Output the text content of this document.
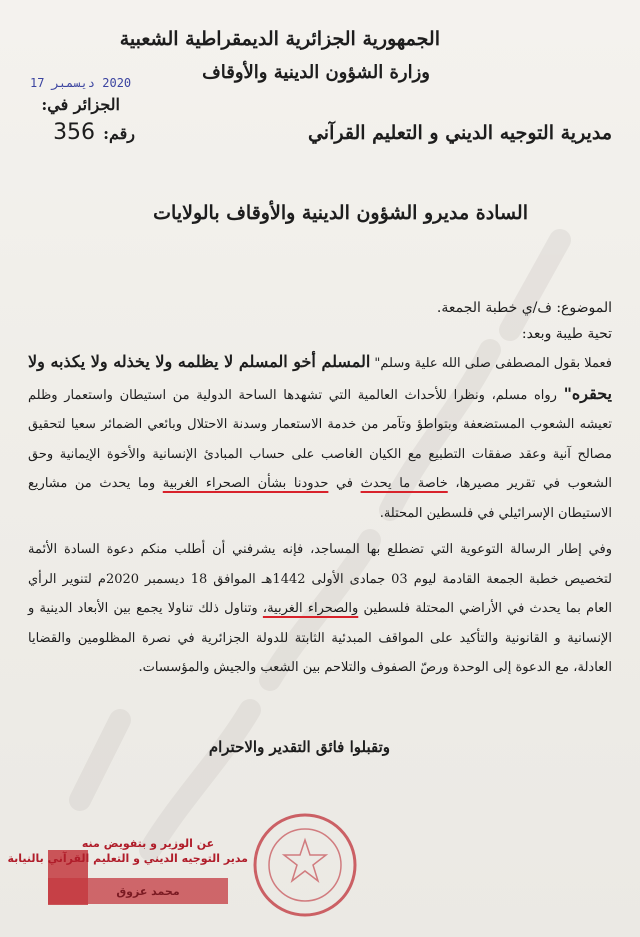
الجمهورية الجزائرية الديمقراطية الشعبية
وزارة الشؤون الدينية والأوقاف
2020 ديسمبر 17
الجزائر في:
رقم:356	مديرية التوجيه الديني و التعليم القرآني
السادة مديرو الشؤون الدينية والأوقاف بالولايات
الموضوع: ف/ي خطبة الجمعة.
تحية طيبة وبعد:
فعملا بقول المصطفى صلى الله علية وسلم" المسلم أخو المسلم لا يظلمه ولا يخذله ولا يكذبه ولا يحقره" رواه مسلم، ونظرا للأحداث العالمية التي تشهدها الساحة الدولية من استيطان واستعمار وظلم تعيشه الشعوب المستضعفة وبتواطؤ وتآمر من خدمة الاستعمار وسدنة الاحتلال وبائعي الضمائر سعيا لتحقيق مصالح آنية وعقد صفقات التطبيع مع الكيان الغاصب على حساب المبادئ الإنسانية والأخوة الإيمانية وحق الشعوب في تقرير مصيرها، خاصة ما يحدث في حدودنا بشأن الصحراء الغربية وما يحدث من مشاريع الاستيطان الإسرائيلي في فلسطين المحتلة.
وفي إطار الرسالة التوعوية التي تضطلع بها المساجد، فإنه يشرفني أن أطلب منكم دعوة السادة الأئمة لتخصيص خطبة الجمعة القادمة ليوم 03 جمادى الأولى 1442هـ الموافق 18 ديسمبر 2020م لتنوير الرأي العام بما يحدث في الأراضي المحتلة فلسطين والصحراء الغربية، وتناول ذلك تناولا يجمع بين الأبعاد الدينية و الإنسانية و القانونية والتأكيد على المواقف المبدئية الثابتة للدولة الجزائرية في نصرة المظلومين والقضايا العادلة، مع الدعوة إلى الوحدة ورصّ الصفوف والتلاحم بين الشعب والجيش والمؤسسات.
وتقبلوا فائق التقدير والاحترام
عن الوزير و بتفويض منه
مدير التوجيه الديني و التعليم القرآني بالنيابة
محمد عزوق
